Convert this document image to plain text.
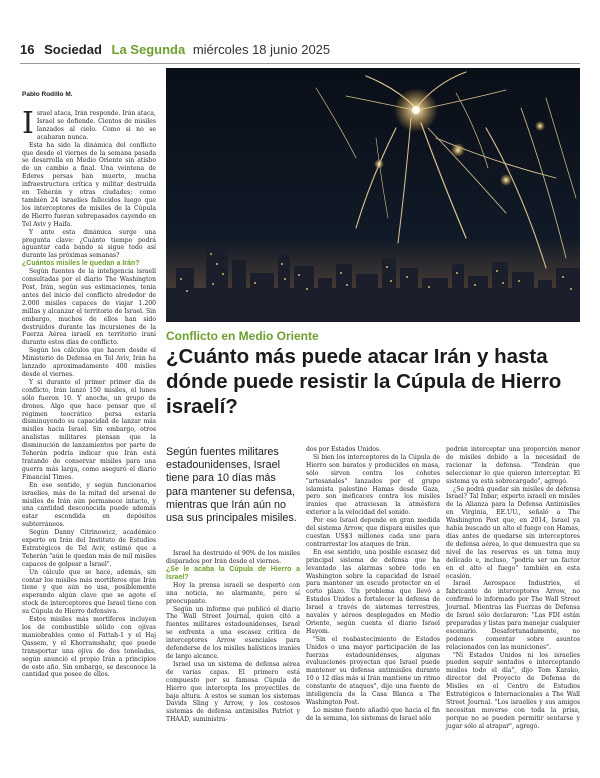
16 Sociedad La Segunda miércoles 18 junio 2025
Pablo Rodillo M.
Conflicto en Medio Oriente
¿Cuánto más puede atacar Irán y hasta dónde puede resistir la Cúpula de Hierro israelí?
Según fuentes militares estadounidenses, Israel tiene para 10 días más para mantener su defensa, mientras que Irán aún no usa sus principales misiles.

Israel ataca, Irán responde. Irán ataca, Israel se defiende. Cientos de misiles lanzados al cielo. Como si no se acabaran nunca.

Esta ha sido la dinámica del conflicto que desde el viernes de la semana pasada se desarrolla en Medio Oriente sin atisbo de un cambio a final. Una veintena de Ederes persas han muerto, mucha infraestructura crítica y militar destruida en Teherán y otras ciudades; como también 24 israelíes fallecidos luego que los interceptores de misiles de la Cúpula de Hierro fueran sobrepasados cayendo en Tel Aviv y Haifa.

Y ante esta dinámica surge una pregunta clave: ¿Cuánto tiempo podrá aguantar cada bando si sigue todo así durante las próximas semanas?

¿Cuántos misiles le quedan a Irán?

Según fuentes de la inteligencia israelí consultadas por el diario The Washington Post, Irán, según sus estimaciones, tenía antes del inicio del conflicto alrededor de 2.000 misiles capaces de viajar 1.200 millas y alcanzar el territorio de Israel. Sin embargo, muchos de ellos han sido destruidos durante las incursiones de la Fuerza Aérea israelí en territorio iraní durante estos días de conflicto.

Según los cálculos que hacen desde el Ministerio de Defensa en Tel Aviv, Irán ha lanzado aproximadamente 400 misiles desde el viernes.

Y si durante el primer primer día de conflicto, Irán lanzó 150 misiles, el lunes sólo fueron 10. Y anoche, un grupo de drones. Algo que hace pensar que el régimen teocrático persa estaría disminuyendo su capacidad de lanzar más misiles hacia Israel. Sin embargo, otros analistas militares piensan que la disminución de lanzamientos por parte de Teherán podría indicar que Irán está tratando de conservar misiles para una guerra más larga, como aseguró el diario Financial Times.

En ese sentido, y según funcionarios israelíes, más de la mitad del arsenal de misiles de Irán aún permanece intacto, y una cantidad desconocida puede además estar escondida en depósitos subterráneos.

Según Danny Citrinowicz, académico experto en Irán del Instituto de Estudios Estratégicos de Tel Aviv, estimó que a Teherán "aún le quedan más de mil misiles capaces de golpear a Israel".

Un cálculo que se hace, además, sin contar los misiles más mortíferos que Irán tiene y que aún no usa, posiblemente esperando algún clave que se agote el stock de interceptores que Israel tiene con su Cúpula de Hierro defensiva.

Estos misiles más mortíferos incluyen los de combustible sólido con ojivas maniobrables como el Fattah-1 y el Haj Qassem, y el Khorramshahr, que puede transportar una ojiva de dos toneladas, según anunció el propio Irán a principios de este año. Sin embargo, se desconoce la cantidad que posee de ellos.

Israel ha destruido el 90% de los misiles disparados por Irán desde el viernes.

¿Se le acaba la Cúpula de Hierro a Israel?

Hoy la prensa israelí se despertó con una noticia, no alarmante, pero sí preocupante.

Según un informe que publicó el diario The Wall Street Journal, quien citó a fuentes militares estadounidenses, Israel se enfrenta a una escasez crítica de interceptores Arrow esenciales para defenderse de los misiles balísticos iraníes de largo alcance.

Israel usa un sistema de defensa aérea de varias capas. El primero está compuesto por su famosa Cúpula de Hierro que intercepta los proyectiles de baja altura. A estos se suman los sistemas Davids Sling y Arrow, y los costosos sistemas de defensa antimisiles Patriot y THAAD, suministra-

dos por Estados Unidos.

Si bien los interceptores de la Cúpula de Hierro son baratos y producidos en masa, sólo sirven contra los cohetes "artesanales" lanzados por el grupo islamista palestino Hamas desde Gaza, pero son ineficaces contra los misiles iraníes que atraviesan la atmósfera exterior a la velocidad del sonido.

Por eso Israel depende en gran medida del sistema Arrow, que dispara misiles que cuestan US$3 millones cada uno para contrarrestar los ataques de Irán.

En ese sentido, una posible escasez del principal sistema de defensa que ha levantado las alarmas sobre todo en Washington sobre la capacidad de Israel para mantener un escudo protector en el corto plazo. Un problema que llevó a Estados Unidos a fortalecer la defensa de Israel a través de sistemas terrestres, navales y aéreos desplegados en Medio Oriente, según cuenta el diario Israel Hayom.

"Sin el reabastecimiento de Estados Unidos o una mayor participación de las fuerzas estadounidenses, algunas evaluaciones proyectan que Israel puede mantener su defensa antimisiles durante 10 o 12 días más si Irán mantiene un ritmo constante de ataques", dijo una fuente de inteligencia de la Casa Blanca a The Washington Post.

Lo mismo fuente añadió que hacia el fin de la semana, los sistemas de Israel sólo

podrán interceptar una proporción menor de misiles debido a la necesidad de racionar la defensa. "Tendrán que seleccionar lo que quieren interceptar. El sistema ya está sobrecargado", agregó.

¿Se podrá quedar sin misiles de defensa Israel? Tal Inbar, experto israelí en misiles de la Alianza para la Defensa Antimisiles en Virginia, EE.UU., señaló a The Washington Post que, en 2014, Israel ya había buscado un alto el fuego con Hamas, días antes de quedarse sin interceptores de defensa aérea, lo que demuestra que su nivel de las reservas es un tema muy delicado e, incluso, "podría ser un factor en el alto el fuego" también en esta ocasión.

Israel Aerospace Industries, el fabricante de interceptores Arrow, no confirmó lo informado por The Wall Street Journal. Mientras las Fuerzas de Defensa de Israel sólo declararon: "Las FDI están preparadas y listas para manejar cualquier escenario. Desafortunadamente, no podemos comentar sobre asuntos relacionados con las municiones".

"Ni Estados Unidos ni los israelíes pueden seguir sentados e interceptando misiles todo el día", dijo Tom Karako, director del Proyecto de Defensa de Misiles en el Centro de Estudios Estratégicos e Internacionales a The Wall Street Journal. "Los israelíes y sus amigos necesitan moverse con toda la prisa, porque no se pueden permitir sentarse y jugar sólo al atrapar", agregó.
